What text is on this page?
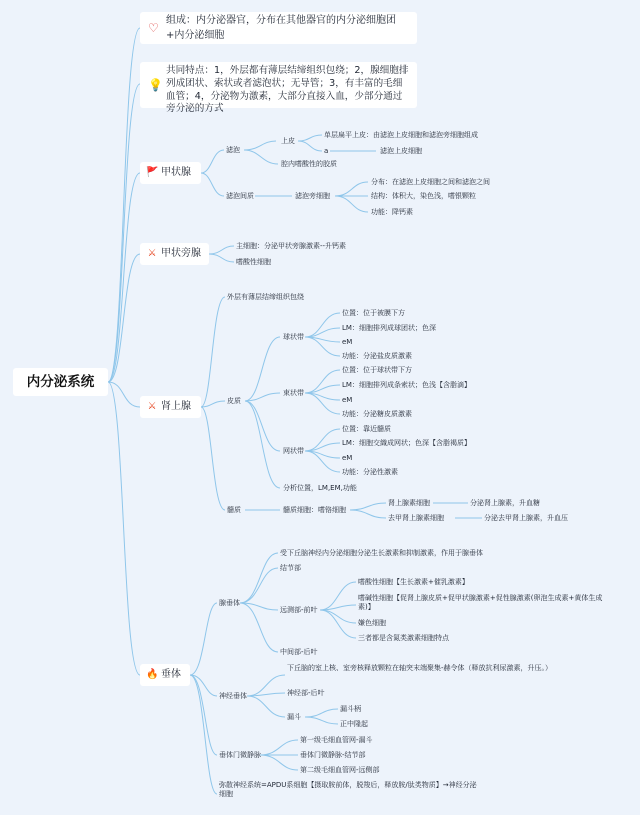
♡
组成：内分泌器官，分布在其他器官的内分泌细胞团+内分泌细胞
💡
共同特点：1，外层都有薄层结缔组织包绕；2，腺细胞排列成团状、索状或者滤泡状；无导管；3，有丰富的毛细血管；4，分泌物为激素，大部分直接入血，少部分通过旁分泌的方式
内分泌系统
🚩 甲状腺
⚔ 甲状旁腺
⚔ 肾上腺
🔥 垂体
滤泡
上皮
单层扁平上皮：由滤泡上皮细胞和滤泡旁细胞组成
a	滤泡上皮细胞
腔内嗜酸性的胶质
滤泡间质	滤泡旁细胞
分布：在滤泡上皮细胞之间和滤泡之间
结构：体积大，染色浅，嗜银颗粒
功能：降钙素
主细胞：分泌甲状旁腺激素--升钙素
嗜酸性细胞
外层有薄层结缔组织包绕
皮质
球状带
位置：位于被膜下方
LM：细胞排列成球团状；色深
eM
功能：分泌盐皮质激素
束状带
位置：位于球状带下方
LM：细胞排列成条索状；色浅【含脂滴】
eM
功能：分泌糖皮质激素
网状带
位置：靠近髓质
LM：细胞交織成网状；色深【含脂褐质】
eM
功能：分泌性激素
分析位置，LM,EM,功能
髓质	髓质细胞：嗜铬细胞
肾上腺素细胞	分泌肾上腺素，升血糖
去甲肾上腺素细胞	分泌去甲肾上腺素，升血压
腺垂体
受下丘脑神经内分泌细胞分泌生长激素和抑制激素，作用于腺垂体
结节部
远测部-前叶
嗜酸性细胞【生长激素+催乳激素】
嗜碱性细胞【促肾上腺皮质+促甲状腺激素+促性腺激素(卵泡生成素+黄体生成素)】
嫌色细胞
三者都是含氮类激素细胞特点
中间部-后叶
神经垂体
下丘脑的室上核、室旁核释放颗粒在轴突末端聚集-赫令体（释放抗利尿激素，升压。）
神经部-后叶
漏斗
漏斗柄
正中隆起
垂体门微静脉
第一级毛细血管网-漏斗
垂体门微静脉-结节部
第二级毛细血管网-远侧部
弥散神经系统=APDU系细胞【摄取胺前体，脱羧后，释放胺/肽类物质】→神经分泌细胞
